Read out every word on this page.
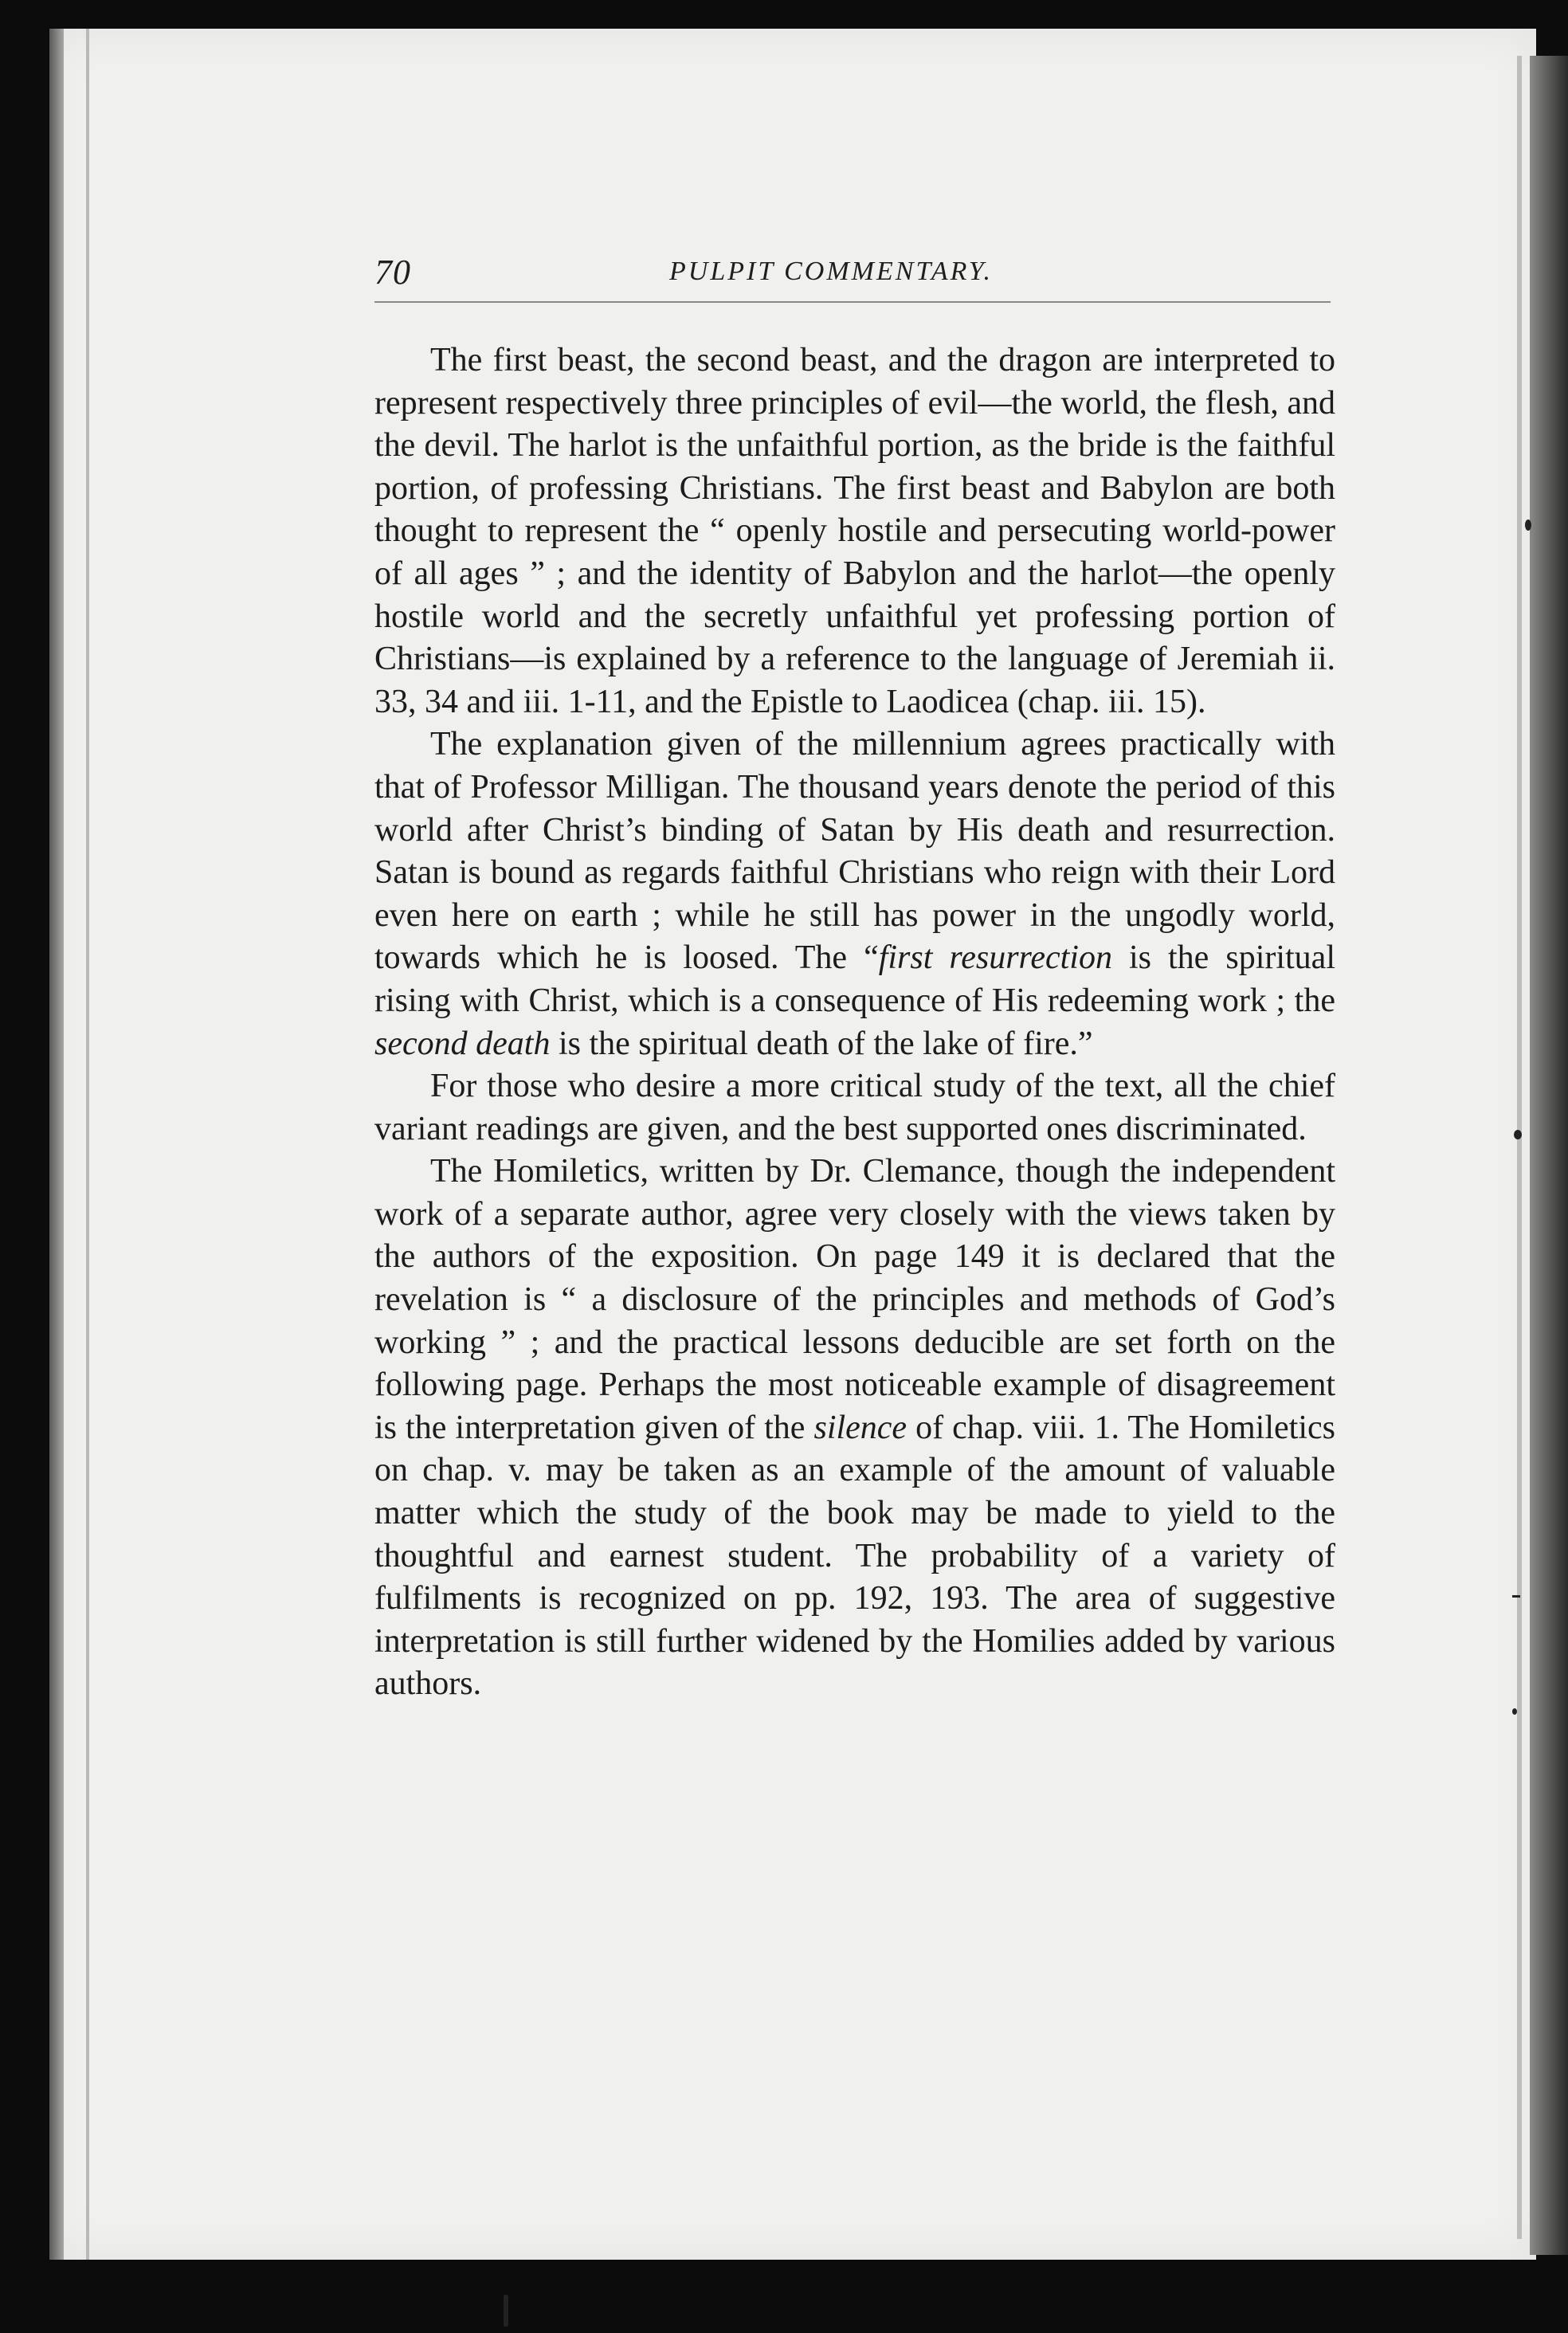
70	PULPIT COMMENTARY.

The first beast, the second beast, and the dragon are interpreted to represent respectively three principles of evil—the world, the flesh, and the devil. The harlot is the unfaithful portion, as the bride is the faithful portion, of professing Christians. The first beast and Babylon are both thought to represent the “ openly hostile and persecuting world-power of all ages ” ; and the identity of Babylon and the harlot—the openly hostile world and the secretly unfaithful yet professing portion of Christians—is explained by a reference to the language of Jeremiah ii. 33, 34 and iii. 1-11, and the Epistle to Laodicea (chap. iii. 15).

The explanation given of the millennium agrees practically with that of Professor Milligan. The thousand years denote the period of this world after Christ’s binding of Satan by His death and resurrection. Satan is bound as regards faithful Christians who reign with their Lord even here on earth ; while he still has power in the ungodly world, towards which he is loosed. The “first resurrection is the spiritual rising with Christ, which is a consequence of His redeeming work ; the second death is the spiritual death of the lake of fire.”

For those who desire a more critical study of the text, all the chief variant readings are given, and the best supported ones discriminated.

The Homiletics, written by Dr. Clemance, though the independent work of a separate author, agree very closely with the views taken by the authors of the exposition. On page 149 it is declared that the revelation is “ a disclosure of the principles and methods of God’s working ” ; and the practical lessons deducible are set forth on the following page. Perhaps the most noticeable example of disagreement is the interpretation given of the silence of chap. viii. 1. The Homiletics on chap. v. may be taken as an example of the amount of valuable matter which the study of the book may be made to yield to the thoughtful and earnest student. The probability of a variety of fulfilments is recognized on pp. 192, 193. The area of suggestive interpretation is still further widened by the Homilies added by various authors.
